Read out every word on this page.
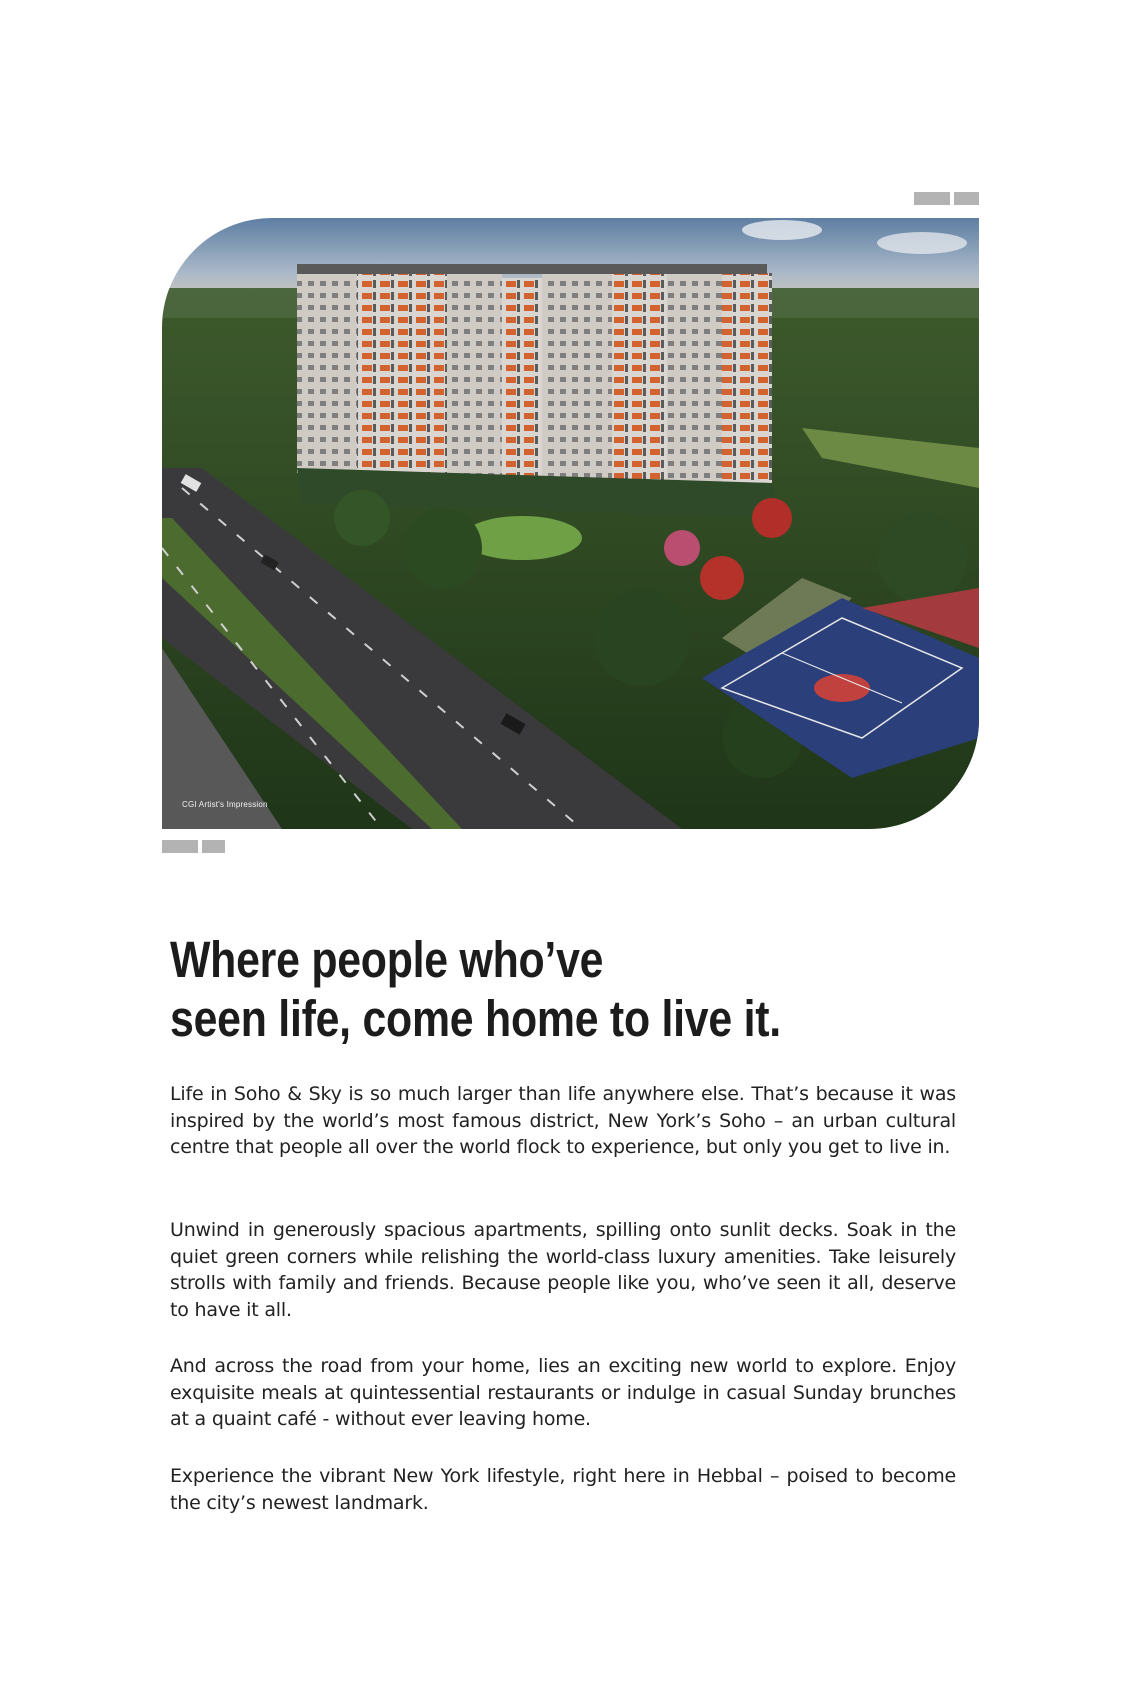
CGI Artist's Impression
Where people who’ve
seen life, come home to live it.

Life in Soho & Sky is so much larger than life anywhere else. That’s because it was inspired by the world’s most famous district, New York’s Soho – an urban cultural centre that people all over the world flock to experience, but only you get to live in.

Unwind in generously spacious apartments, spilling onto sunlit decks. Soak in the quiet green corners while relishing the world-class luxury amenities. Take leisurely strolls with family and friends. Because people like you, who’ve seen it all, deserve to have it all.

And across the road from your home, lies an exciting new world to explore. Enjoy exquisite meals at quintessential restaurants or indulge in casual Sunday brunches at a quaint café - without ever leaving home.

Experience the vibrant New York lifestyle, right here in Hebbal – poised to become the city’s newest landmark.
